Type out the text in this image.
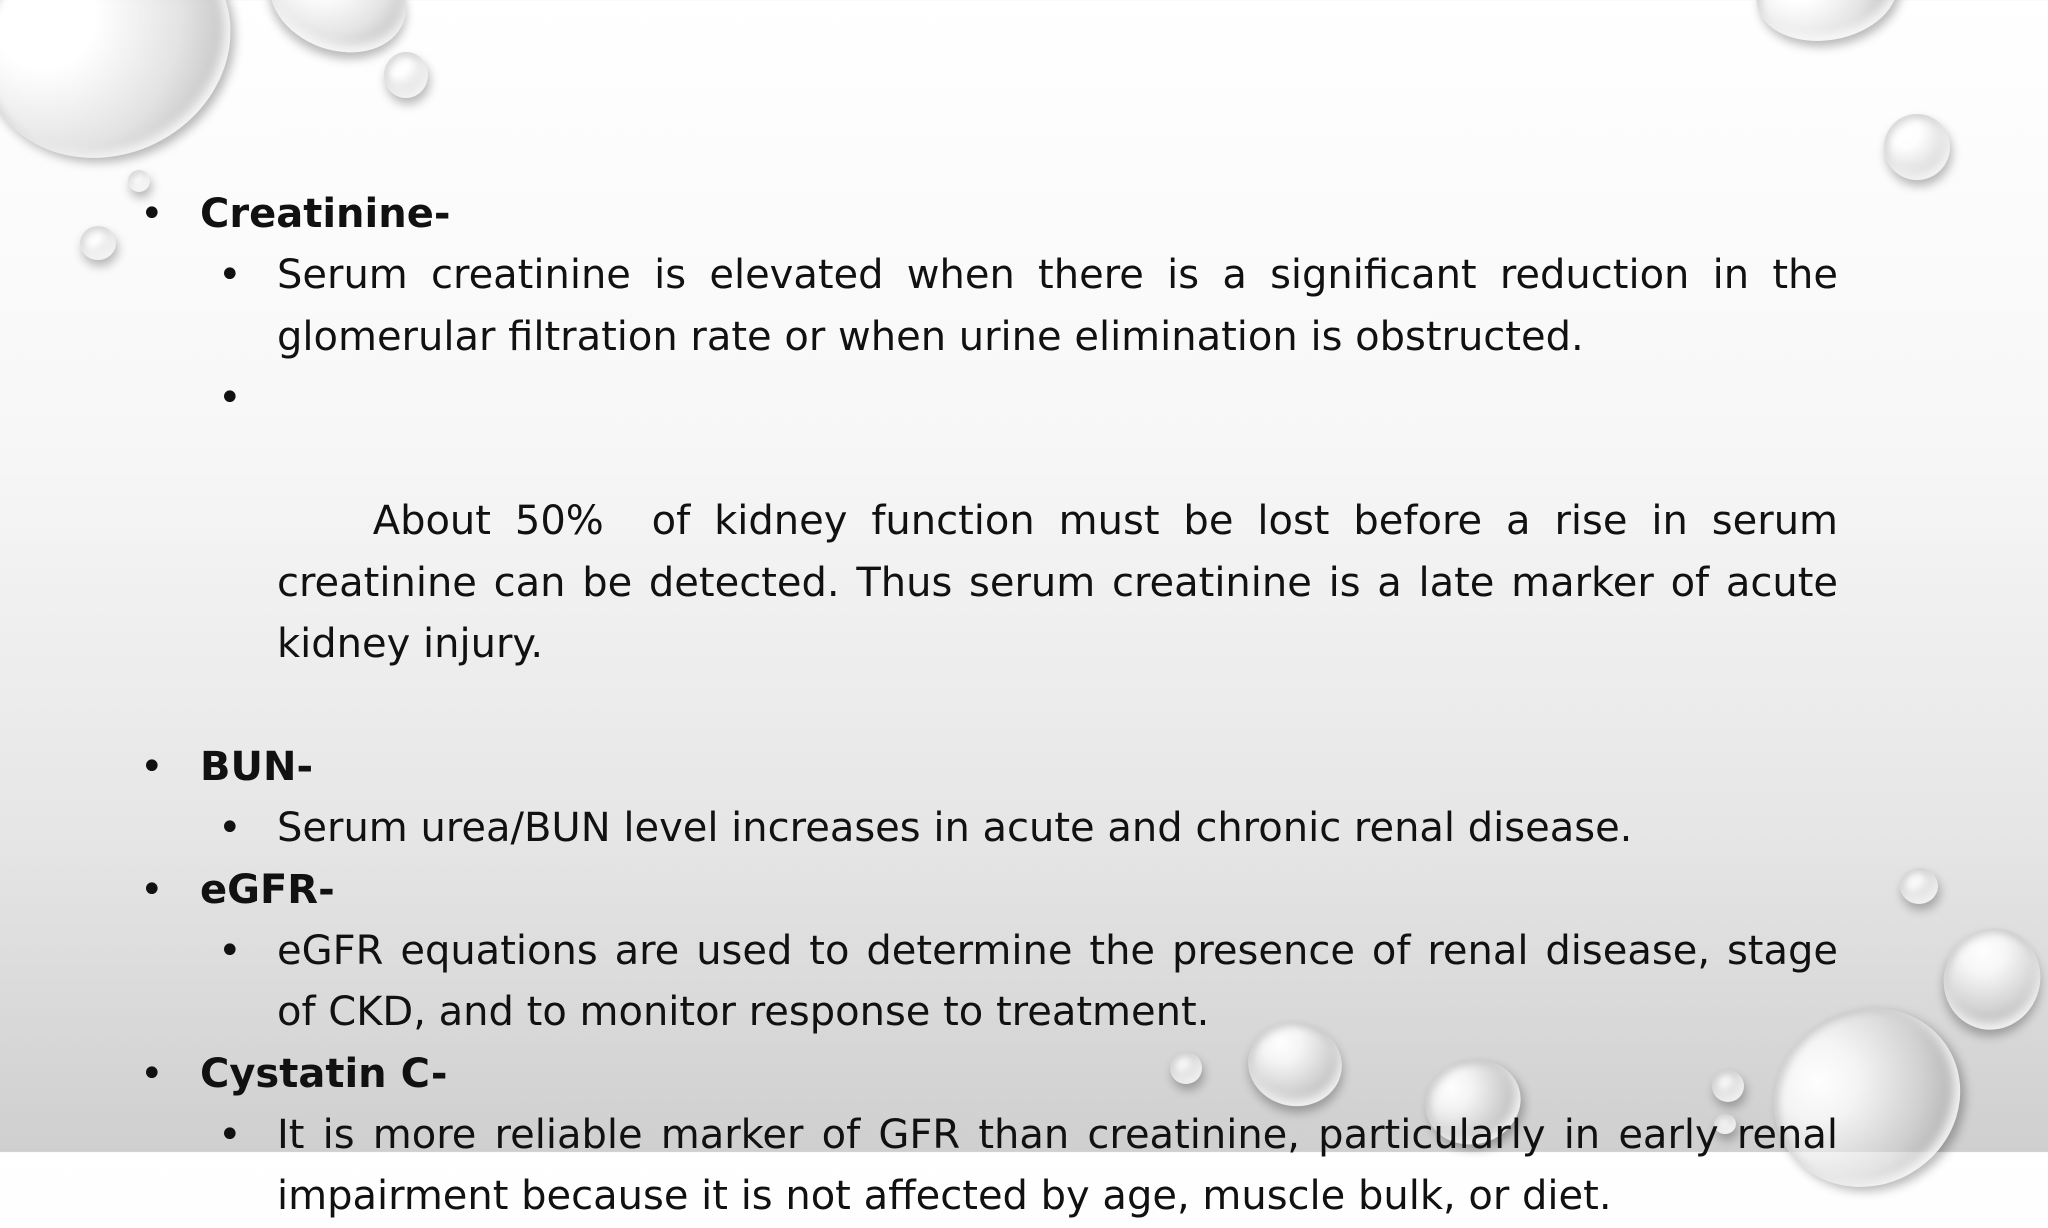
• Creatinine-
• Serum creatinine is elevated when there is a significant reduction in the glomerular filtration rate or when urine elimination is obstructed.

•

About 50%  of kidney function must be lost before a rise in serum creatinine can be detected. Thus serum creatinine is a late marker of acute kidney injury.

• BUN-
• Serum urea/BUN level increases in acute and chronic renal disease.
• eGFR-
• eGFR equations are used to determine the presence of renal disease, stage of CKD, and to monitor response to treatment.
• Cystatin C-
• It is more reliable marker of GFR than creatinine, particularly in early renal impairment because it is not affected by age, muscle bulk, or diet.
